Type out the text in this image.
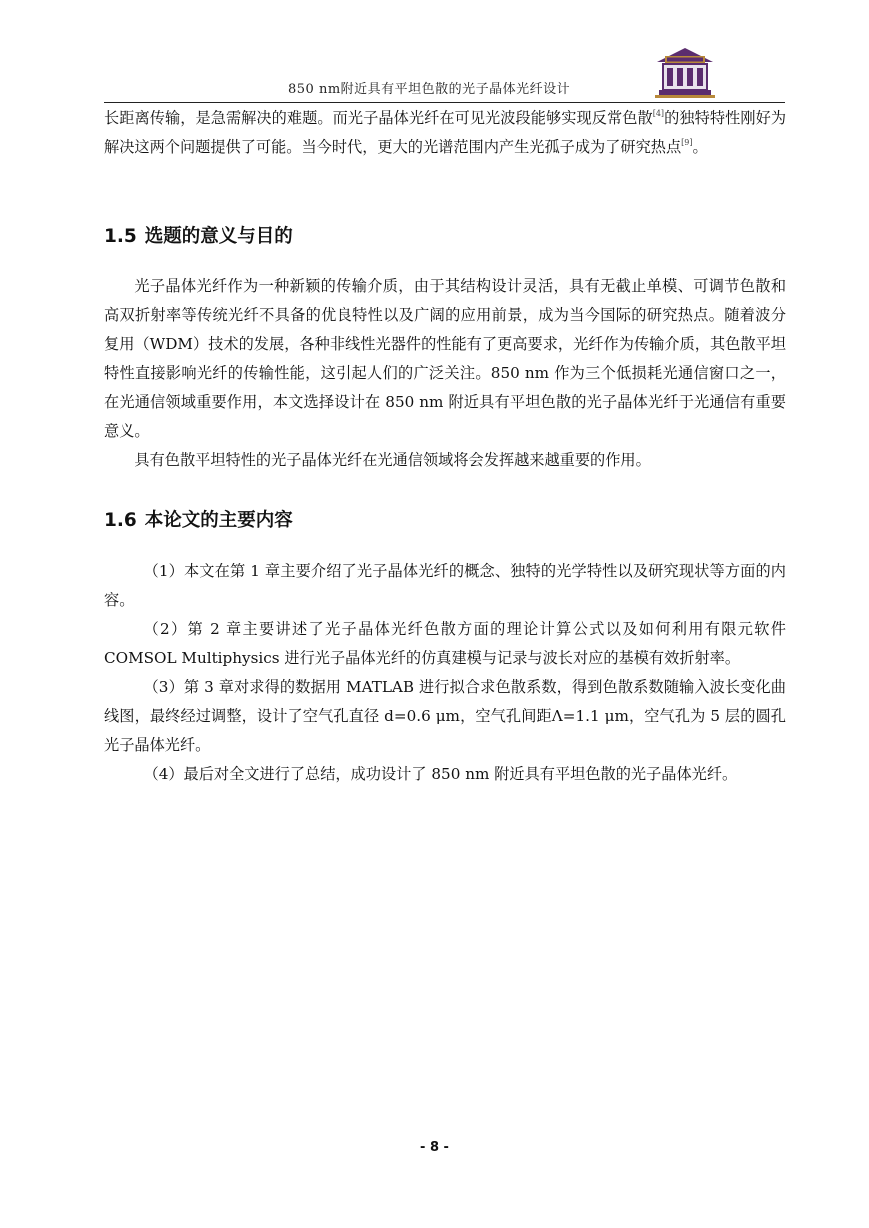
850 nm附近具有平坦色散的光子晶体光纤设计

长距离传输，是急需解决的难题。而光子晶体光纤在可见光波段能够实现反常色散[4]的独特特性刚好为解决这两个问题提供了可能。当今时代，更大的光谱范围内产生光孤子成为了研究热点[9]。

1.5 选题的意义与目的

光子晶体光纤作为一种新颖的传输介质，由于其结构设计灵活，具有无截止单模、可调节色散和高双折射率等传统光纤不具备的优良特性以及广阔的应用前景，成为当今国际的研究热点。随着波分复用（WDM）技术的发展，各种非线性光器件的性能有了更高要求，光纤作为传输介质，其色散平坦特性直接影响光纤的传输性能，这引起人们的广泛关注。850 nm 作为三个低损耗光通信窗口之一，在光通信领域重要作用，本文选择设计在 850 nm 附近具有平坦色散的光子晶体光纤于光通信有重要意义。

具有色散平坦特性的光子晶体光纤在光通信领域将会发挥越来越重要的作用。

1.6 本论文的主要内容

（1）本文在第 1 章主要介绍了光子晶体光纤的概念、独特的光学特性以及研究现状等方面的内容。

（2）第 2 章主要讲述了光子晶体光纤色散方面的理论计算公式以及如何利用有限元软件 COMSOL Multiphysics 进行光子晶体光纤的仿真建模与记录与波长对应的基模有效折射率。

（3）第 3 章对求得的数据用 MATLAB 进行拟合求色散系数，得到色散系数随输入波长变化曲线图，最终经过调整，设计了空气孔直径 d=0.6 μm，空气孔间距Λ=1.1 μm，空气孔为 5 层的圆孔光子晶体光纤。

（4）最后对全文进行了总结，成功设计了 850 nm 附近具有平坦色散的光子晶体光纤。

- 8 -
